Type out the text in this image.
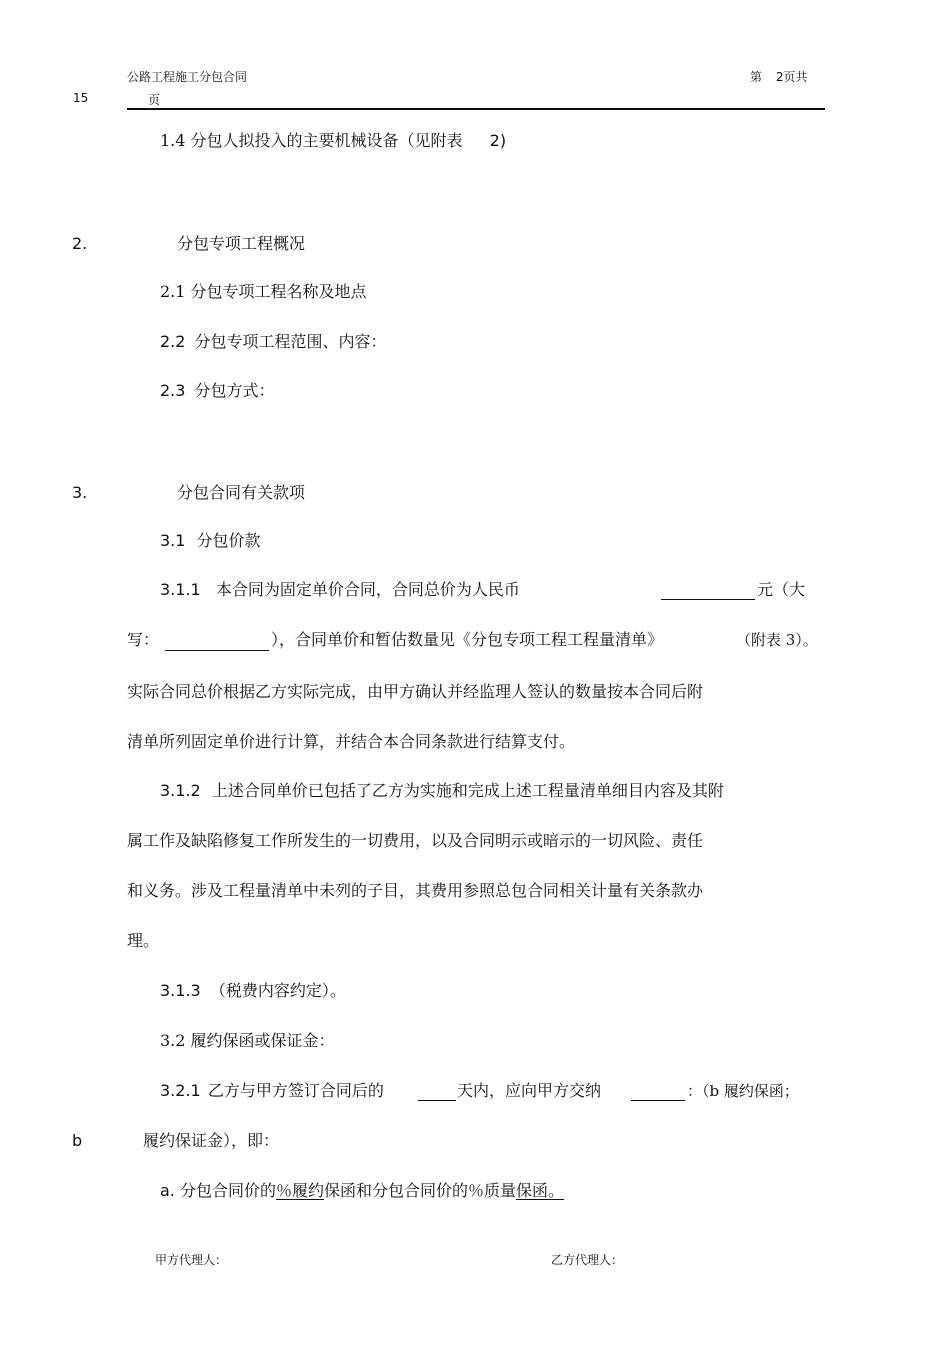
公路工程施工分包合同	第 2页共
15	页
1.4 分包人拟投入的主要机械设备（见附表 2)
2.	分包专项工程概况
2.1 分包专项工程名称及地点
2.2 分包专项工程范围、内容：
2.3 分包方式：
3.	分包合同有关款项
3.1 分包价款
3.1.1 本合同为固定单价合同，合同总价为人民币	元（大
写：	），合同单价和暂估数量见《分包专项工程工程量清单》	（附表 3）。
实际合同总价根据乙方实际完成，由甲方确认并经监理人签认的数量按本合同后附
清单所列固定单价进行计算，并结合本合同条款进行结算支付。
3.1.2 上述合同单价已包括了乙方为实施和完成上述工程量清单细目内容及其附
属工作及缺陷修复工作所发生的一切费用，以及合同明示或暗示的一切风险、责任
和义务。涉及工程量清单中未列的子目，其费用参照总包合同相关计量有关条款办
理。
3.1.3 （税费内容约定）。
3.2 履约保函或保证金：
3.2.1 乙方与甲方签订合同后的	天内，应向甲方交纳	：（b 履约保函；
b	履约保证金），即：
a. 分包合同价的％履约保函和分包合同价的％质量保函。
甲方代理人：	乙方代理人：
